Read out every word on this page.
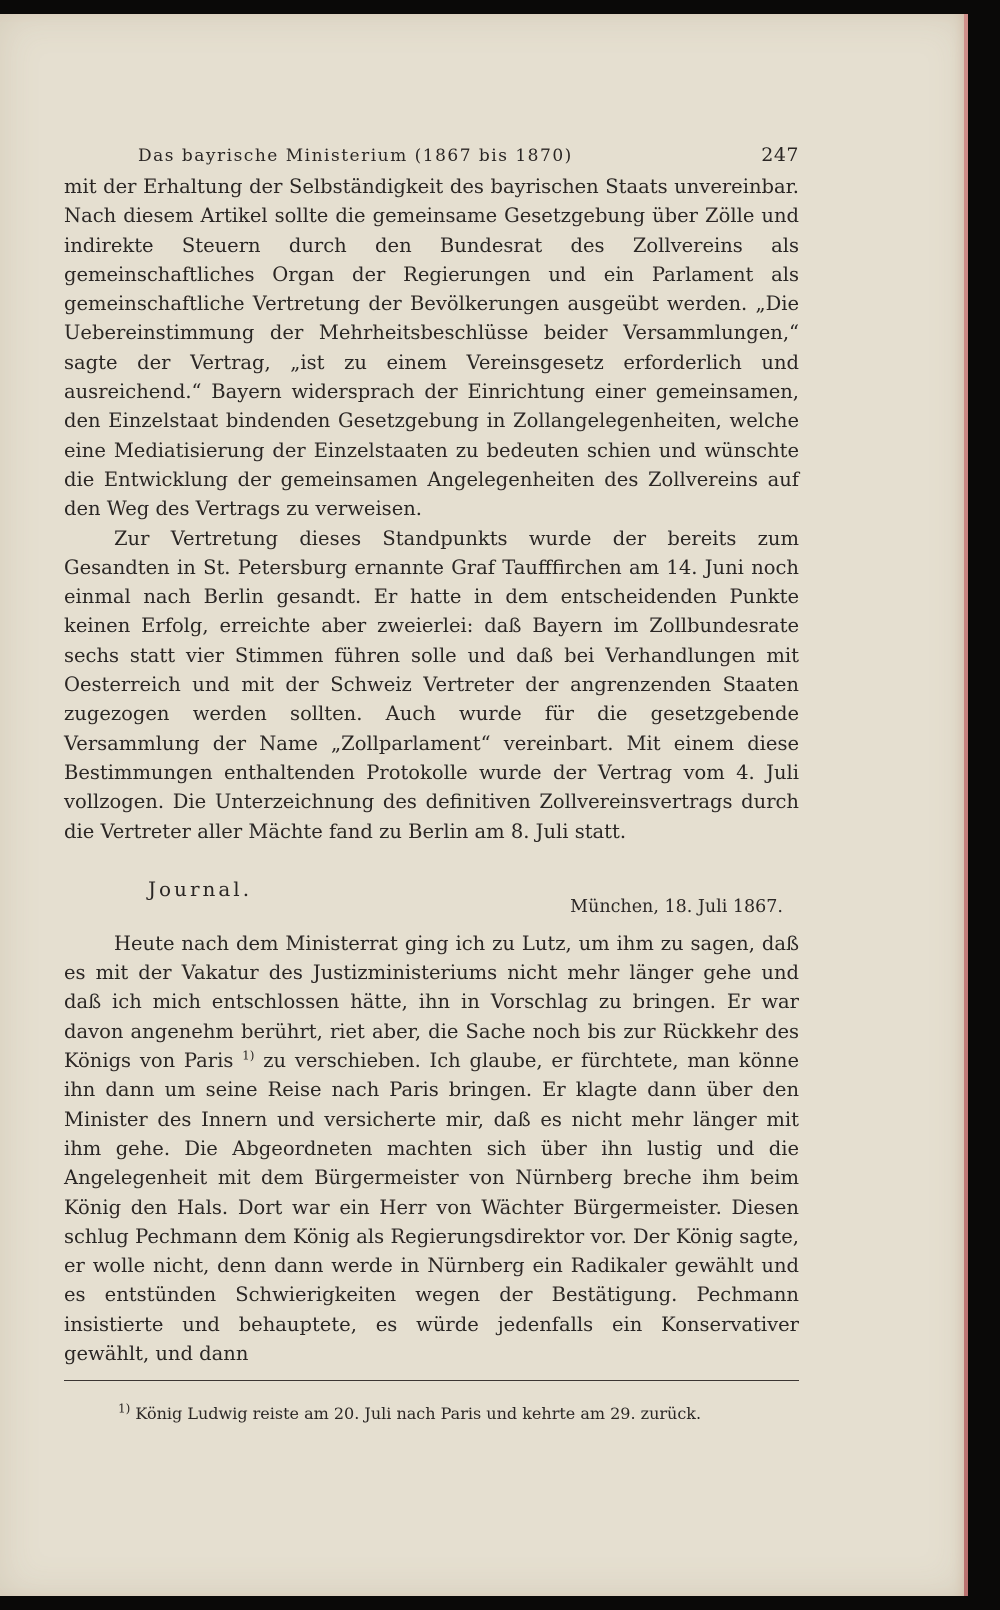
Das bayrische Ministerium (1867 bis 1870)	247

mit der Erhaltung der Selbständigkeit des bayrischen Staats unvereinbar. Nach diesem Artikel sollte die gemeinsame Gesetzgebung über Zölle und indirekte Steuern durch den Bundesrat des Zollvereins als gemeinschaftliches Organ der Regierungen und ein Parlament als gemeinschaftliche Vertretung der Bevölkerungen ausgeübt werden. „Die Uebereinstimmung der Mehrheitsbeschlüsse beider Versammlungen,“ sagte der Vertrag, „ist zu einem Vereinsgesetz erforderlich und ausreichend.“ Bayern widersprach der Einrichtung einer gemeinsamen, den Einzelstaat bindenden Gesetzgebung in Zollangelegenheiten, welche eine Mediatisierung der Einzelstaaten zu bedeuten schien und wünschte die Entwicklung der gemeinsamen Angelegenheiten des Zollvereins auf den Weg des Vertrags zu verweisen.

Zur Vertretung dieses Standpunkts wurde der bereits zum Gesandten in St. Petersburg ernannte Graf Taufffirchen am 14. Juni noch einmal nach Berlin gesandt. Er hatte in dem entscheidenden Punkte keinen Erfolg, erreichte aber zweierlei: daß Bayern im Zollbundesrate sechs statt vier Stimmen führen solle und daß bei Verhandlungen mit Oesterreich und mit der Schweiz Vertreter der angrenzenden Staaten zugezogen werden sollten. Auch wurde für die gesetzgebende Versammlung der Name „Zollparlament“ vereinbart. Mit einem diese Bestimmungen enthaltenden Protokolle wurde der Vertrag vom 4. Juli vollzogen. Die Unterzeichnung des definitiven Zollvereinsvertrags durch die Vertreter aller Mächte fand zu Berlin am 8. Juli statt.

Journal.
München, 18. Juli 1867.

Heute nach dem Ministerrat ging ich zu Lutz, um ihm zu sagen, daß es mit der Vakatur des Justizministeriums nicht mehr länger gehe und daß ich mich entschlossen hätte, ihn in Vorschlag zu bringen. Er war davon angenehm berührt, riet aber, die Sache noch bis zur Rückkehr des Königs von Paris $^{1)}$ zu verschieben. Ich glaube, er fürchtete, man könne ihn dann um seine Reise nach Paris bringen. Er klagte dann über den Minister des Innern und versicherte mir, daß es nicht mehr länger mit ihm gehe. Die Abgeordneten machten sich über ihn lustig und die Angelegenheit mit dem Bürgermeister von Nürnberg breche ihm beim König den Hals. Dort war ein Herr von Wächter Bürgermeister. Diesen schlug Pechmann dem König als Regierungsdirektor vor. Der König sagte, er wolle nicht, denn dann werde in Nürnberg ein Radikaler gewählt und es entstünden Schwierigkeiten wegen der Bestätigung. Pechmann insistierte und behauptete, es würde jedenfalls ein Konservativer gewählt, und dann

$^{1)}$ König Ludwig reiste am 20. Juli nach Paris und kehrte am 29. zurück.
